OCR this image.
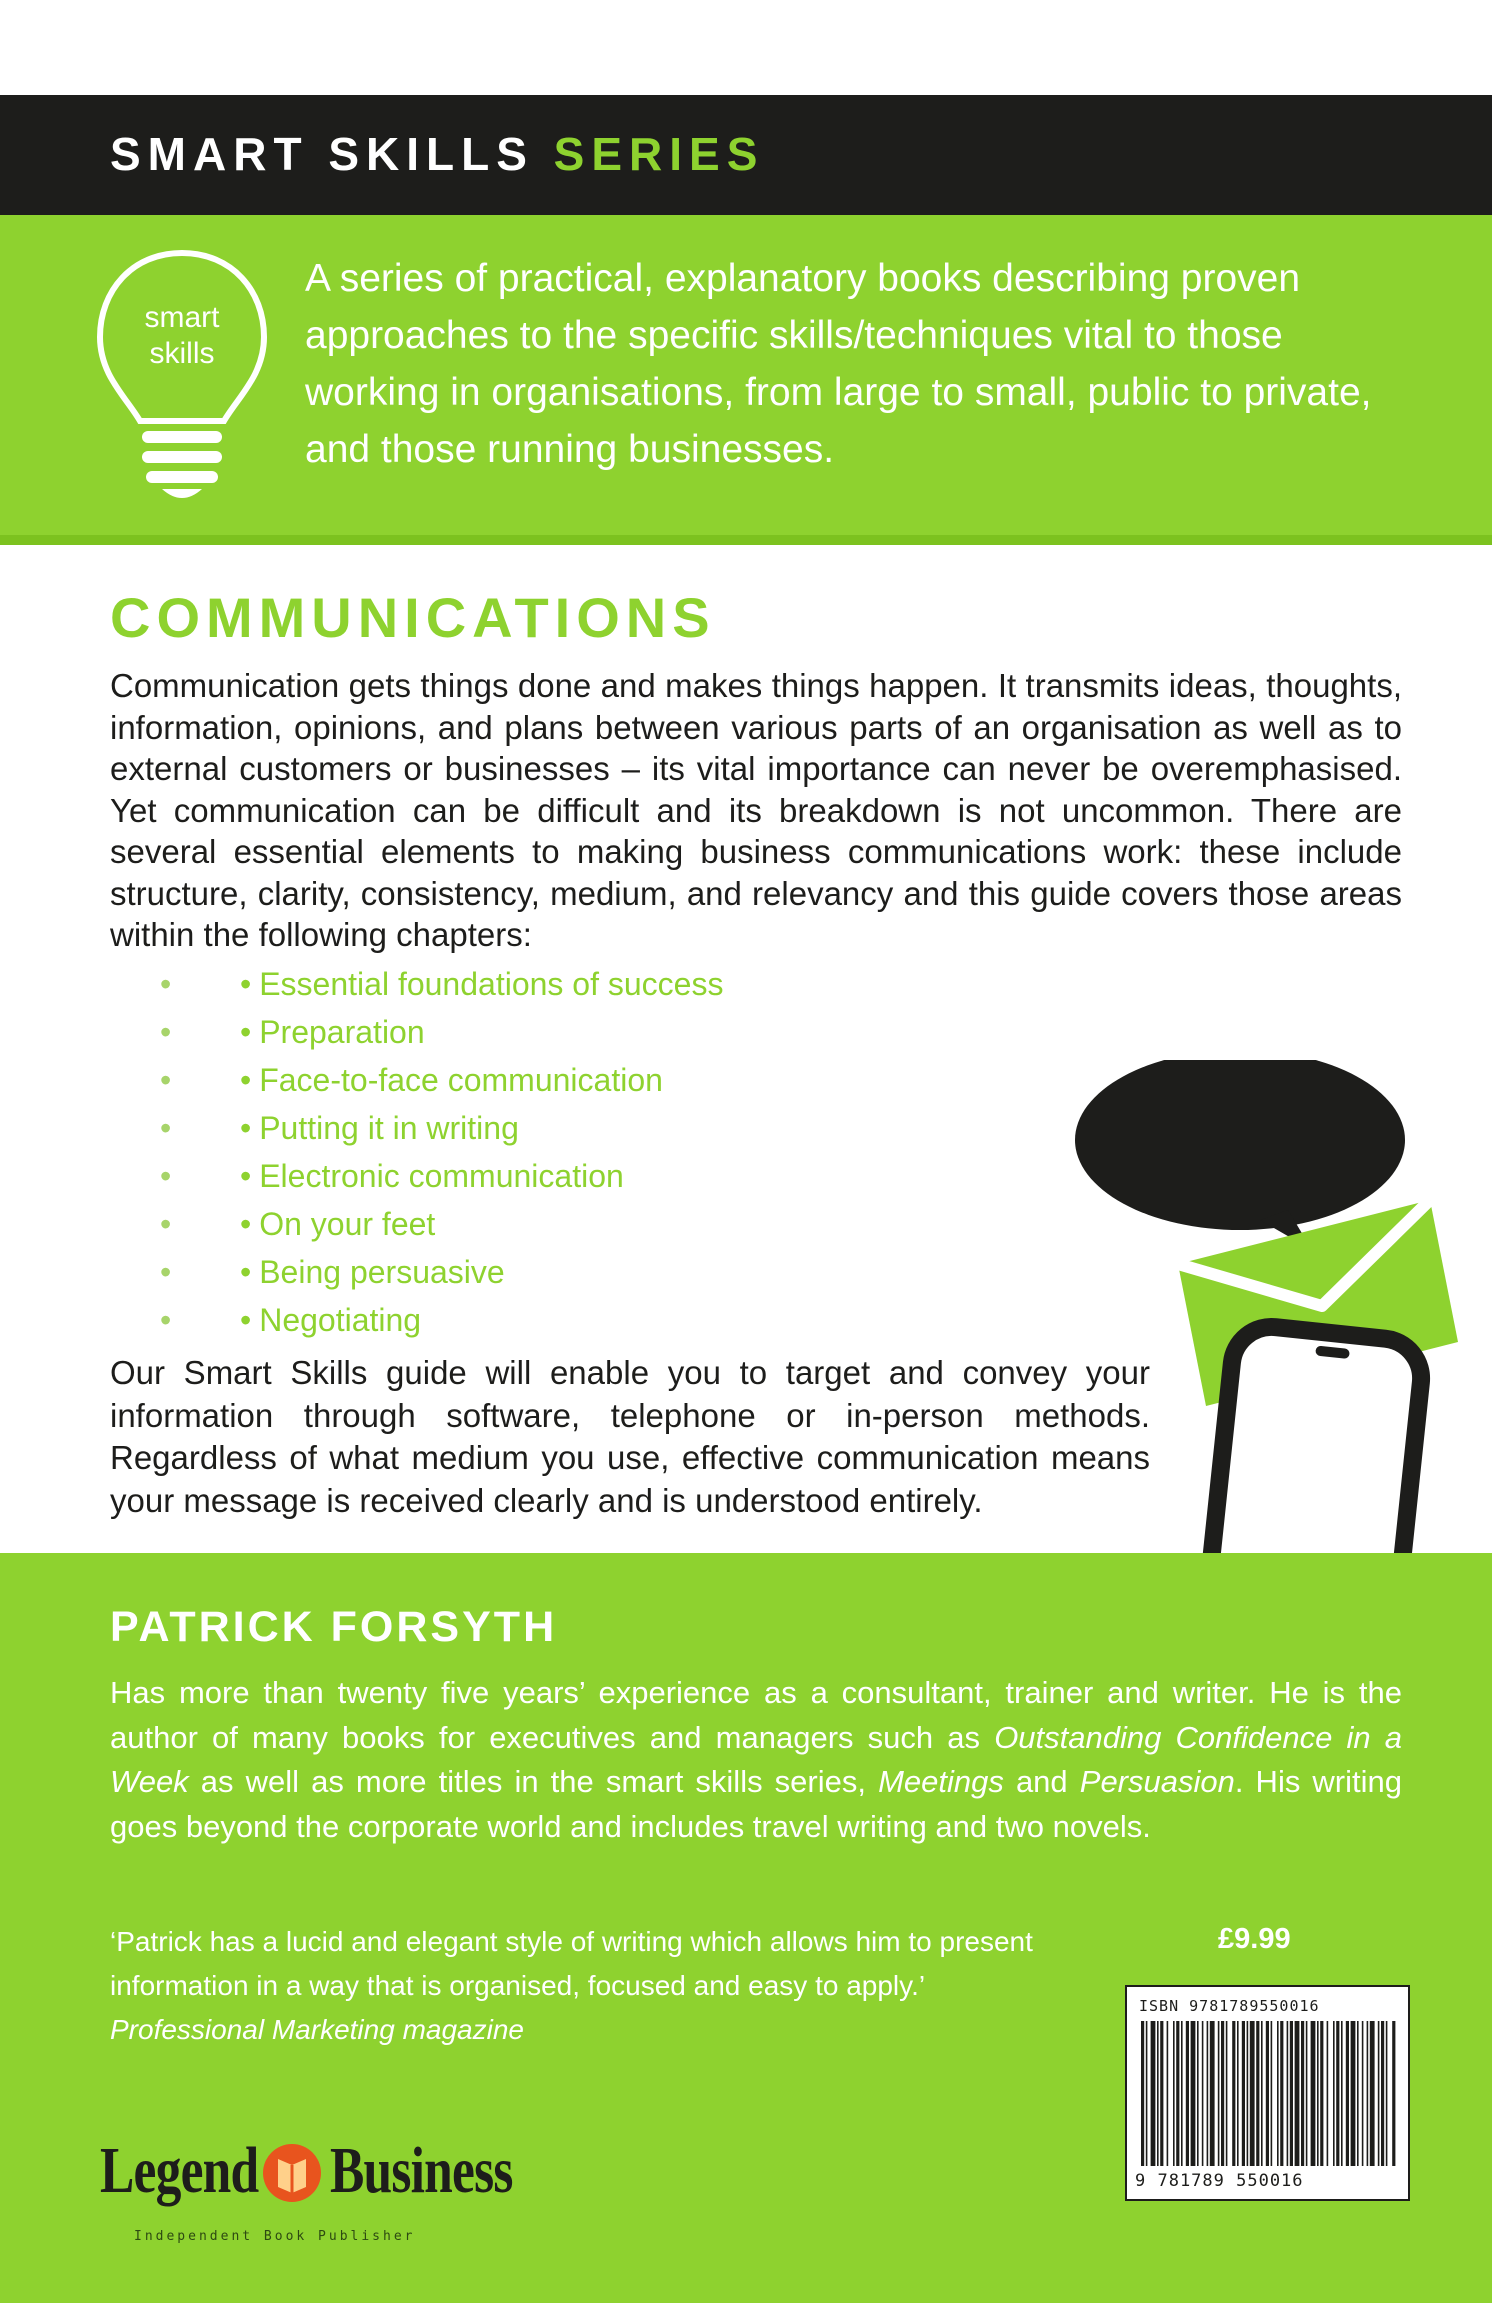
SMART SKILLS SERIES
smart
skills

A series of practical, explanatory books describing proven approaches to the specific skills/techniques vital to those working in organisations, from large to small, public to private, and those running businesses.

COMMUNICATIONS

Communication gets things done and makes things happen. It transmits ideas, thoughts, information, opinions, and plans between various parts of an organisation as well as to external customers or businesses – its vital importance can never be overemphasised. Yet communication can be difficult and its breakdown is not uncommon. There are several essential elements to making business communications work: these include structure, clarity, consistency, medium, and relevancy and this guide covers those areas within the following chapters:

• • Essential foundations of success
• • Preparation
• • Face-to-face communication
• • Putting it in writing
• • Electronic communication
• • On your feet
• • Being persuasive
• • Negotiating

Our Smart Skills guide will enable you to target and convey your information through software, telephone or in-person methods. Regardless of what medium you use, effective communication means your message is received clearly and is understood entirely.

PATRICK FORSYTH

Has more than twenty five years’ experience as a consultant, trainer and writer. He is the author of many books for executives and managers such as Outstanding Confidence in a Week as well as more titles in the smart skills series, Meetings and Persuasion. His writing goes beyond the corporate world and includes travel writing and two novels.

‘Patrick has a lucid and elegant style of writing which allows him to present information in a way that is organised, focused and easy to apply.’ Professional Marketing magazine

£9.99
ISBN 9781789550016
9 781789 550016
Legend Business
Independent Book Publisher
